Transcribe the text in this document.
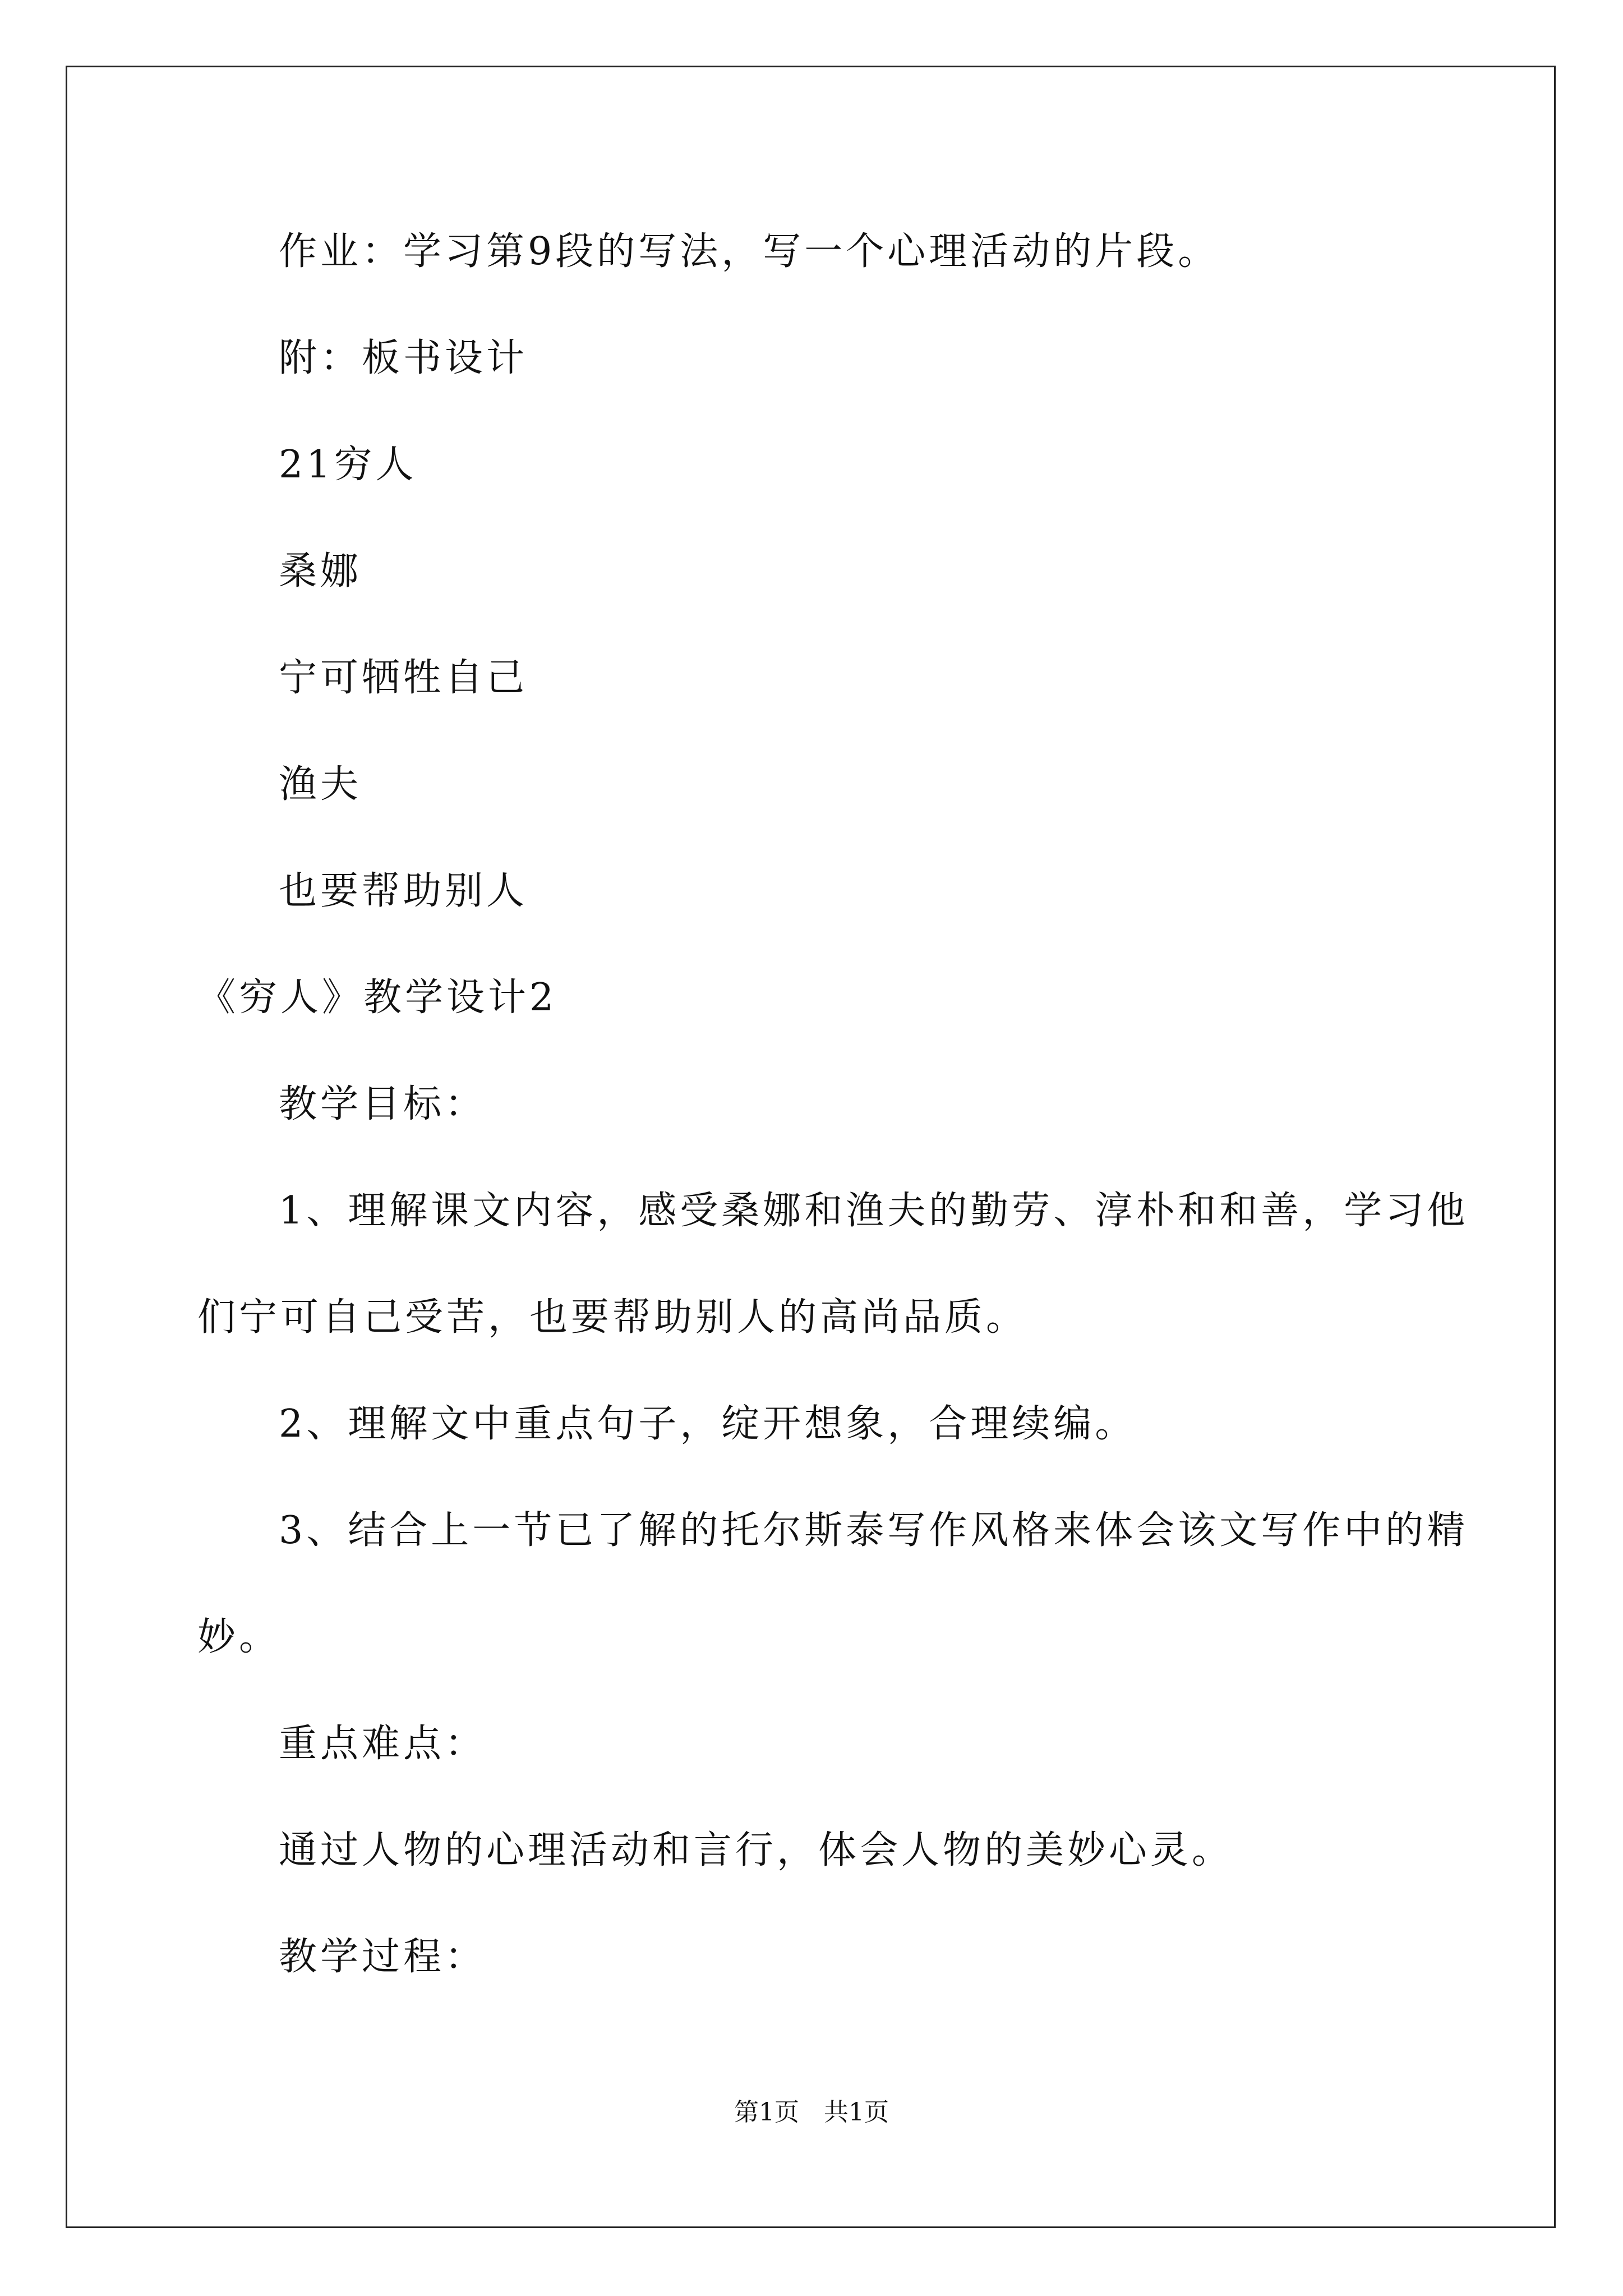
作业：学习第9段的写法，写一个心理活动的片段。
附：板书设计
21穷人
桑娜
宁可牺牲自己
渔夫
也要帮助别人
《穷人》教学设计2
教学目标：
1、理解课文内容，感受桑娜和渔夫的勤劳、淳朴和和善，学习他
们宁可自己受苦，也要帮助别人的高尚品质。
2、理解文中重点句子，绽开想象，合理续编。
3、结合上一节已了解的托尔斯泰写作风格来体会该文写作中的精
妙。
重点难点：
通过人物的心理活动和言行，体会人物的美妙心灵。
教学过程：
第1页　共1页
